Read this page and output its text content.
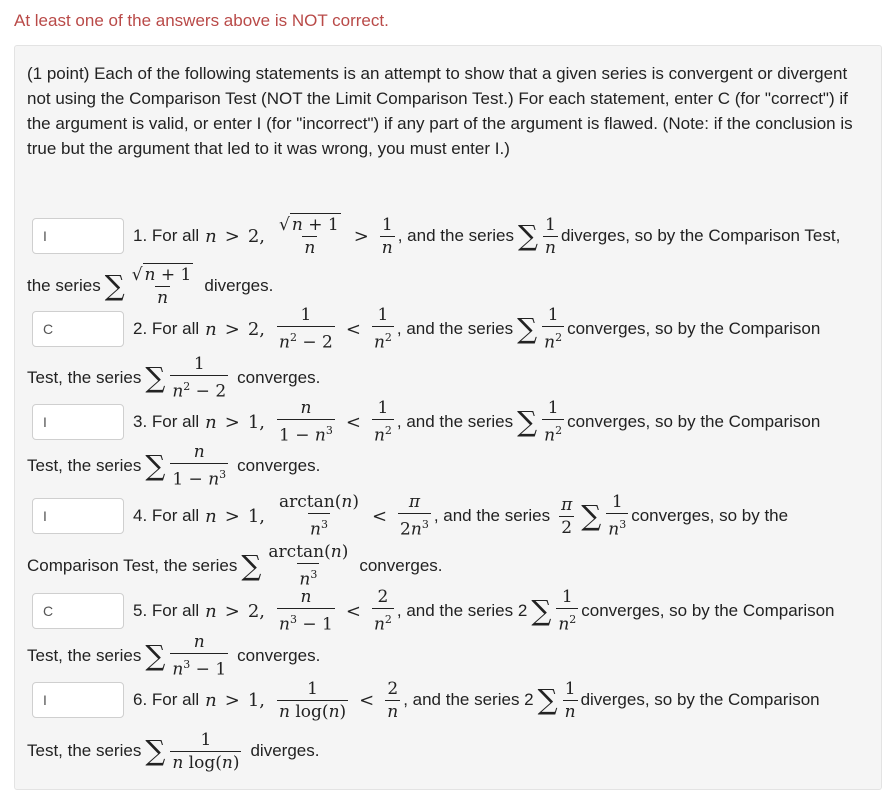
At least one of the answers above is NOT correct.
(1 point) Each of the following statements is an attempt to show that a given series is convergent or divergent not using the Comparison Test (NOT the Limit Comparison Test.) For each statement, enter C (for "correct") if the argument is valid, or enter I (for "incorrect") if any part of the argument is flawed. (Note: if the conclusion is true but the argument that led to it was wrong, you must enter I.)
I
1. For all n > 2, $\frac{√ n + 1}{n} > \frac{1}{n}$ , and the series ∑ $\frac{1}{n}$ diverges, so by the Comparison Test,
the series ∑ $\frac{√ n + 1}{n}$ diverges.
C
2. For all n > 2, $\frac{1}{n^2 - 2} < \frac{1}{n^2}$ , and the series ∑ $\frac{1}{n^2}$ converges, so by the Comparison
Test, the series ∑ $\frac{1}{n^2 - 2}$ converges.
I
3. For all n > 1, $\frac{n}{1 - n^3} < \frac{1}{n^2}$ , and the series ∑ $\frac{1}{n^2}$ converges, so by the Comparison
Test, the series ∑ $\frac{n}{1 - n^3}$ converges.
I
4. For all n > 1, $\frac{\arctan(n)}{n^3} < \frac{\pi}{2n^3}$ , and the series $\frac{\pi}{2}$ ∑ $\frac{1}{n^3}$ converges, so by the
Comparison Test, the series ∑ $\frac{\arctan(n)}{n^3}$ converges.
C
5. For all n > 2, $\frac{n}{n^3 - 1} < \frac{2}{n^2}$ , and the series 2 ∑ $\frac{1}{n^2}$ converges, so by the Comparison
Test, the series ∑ $\frac{n}{n^3 - 1}$ converges.
I
6. For all n > 1, $\frac{1}{\text{n log(n)}} < \frac{2}{n}$ , and the series 2 ∑ $\frac{1}{n}$ diverges, so by the Comparison
Test, the series ∑ $\frac{1}{\text{n log(n)}}$ diverges.
